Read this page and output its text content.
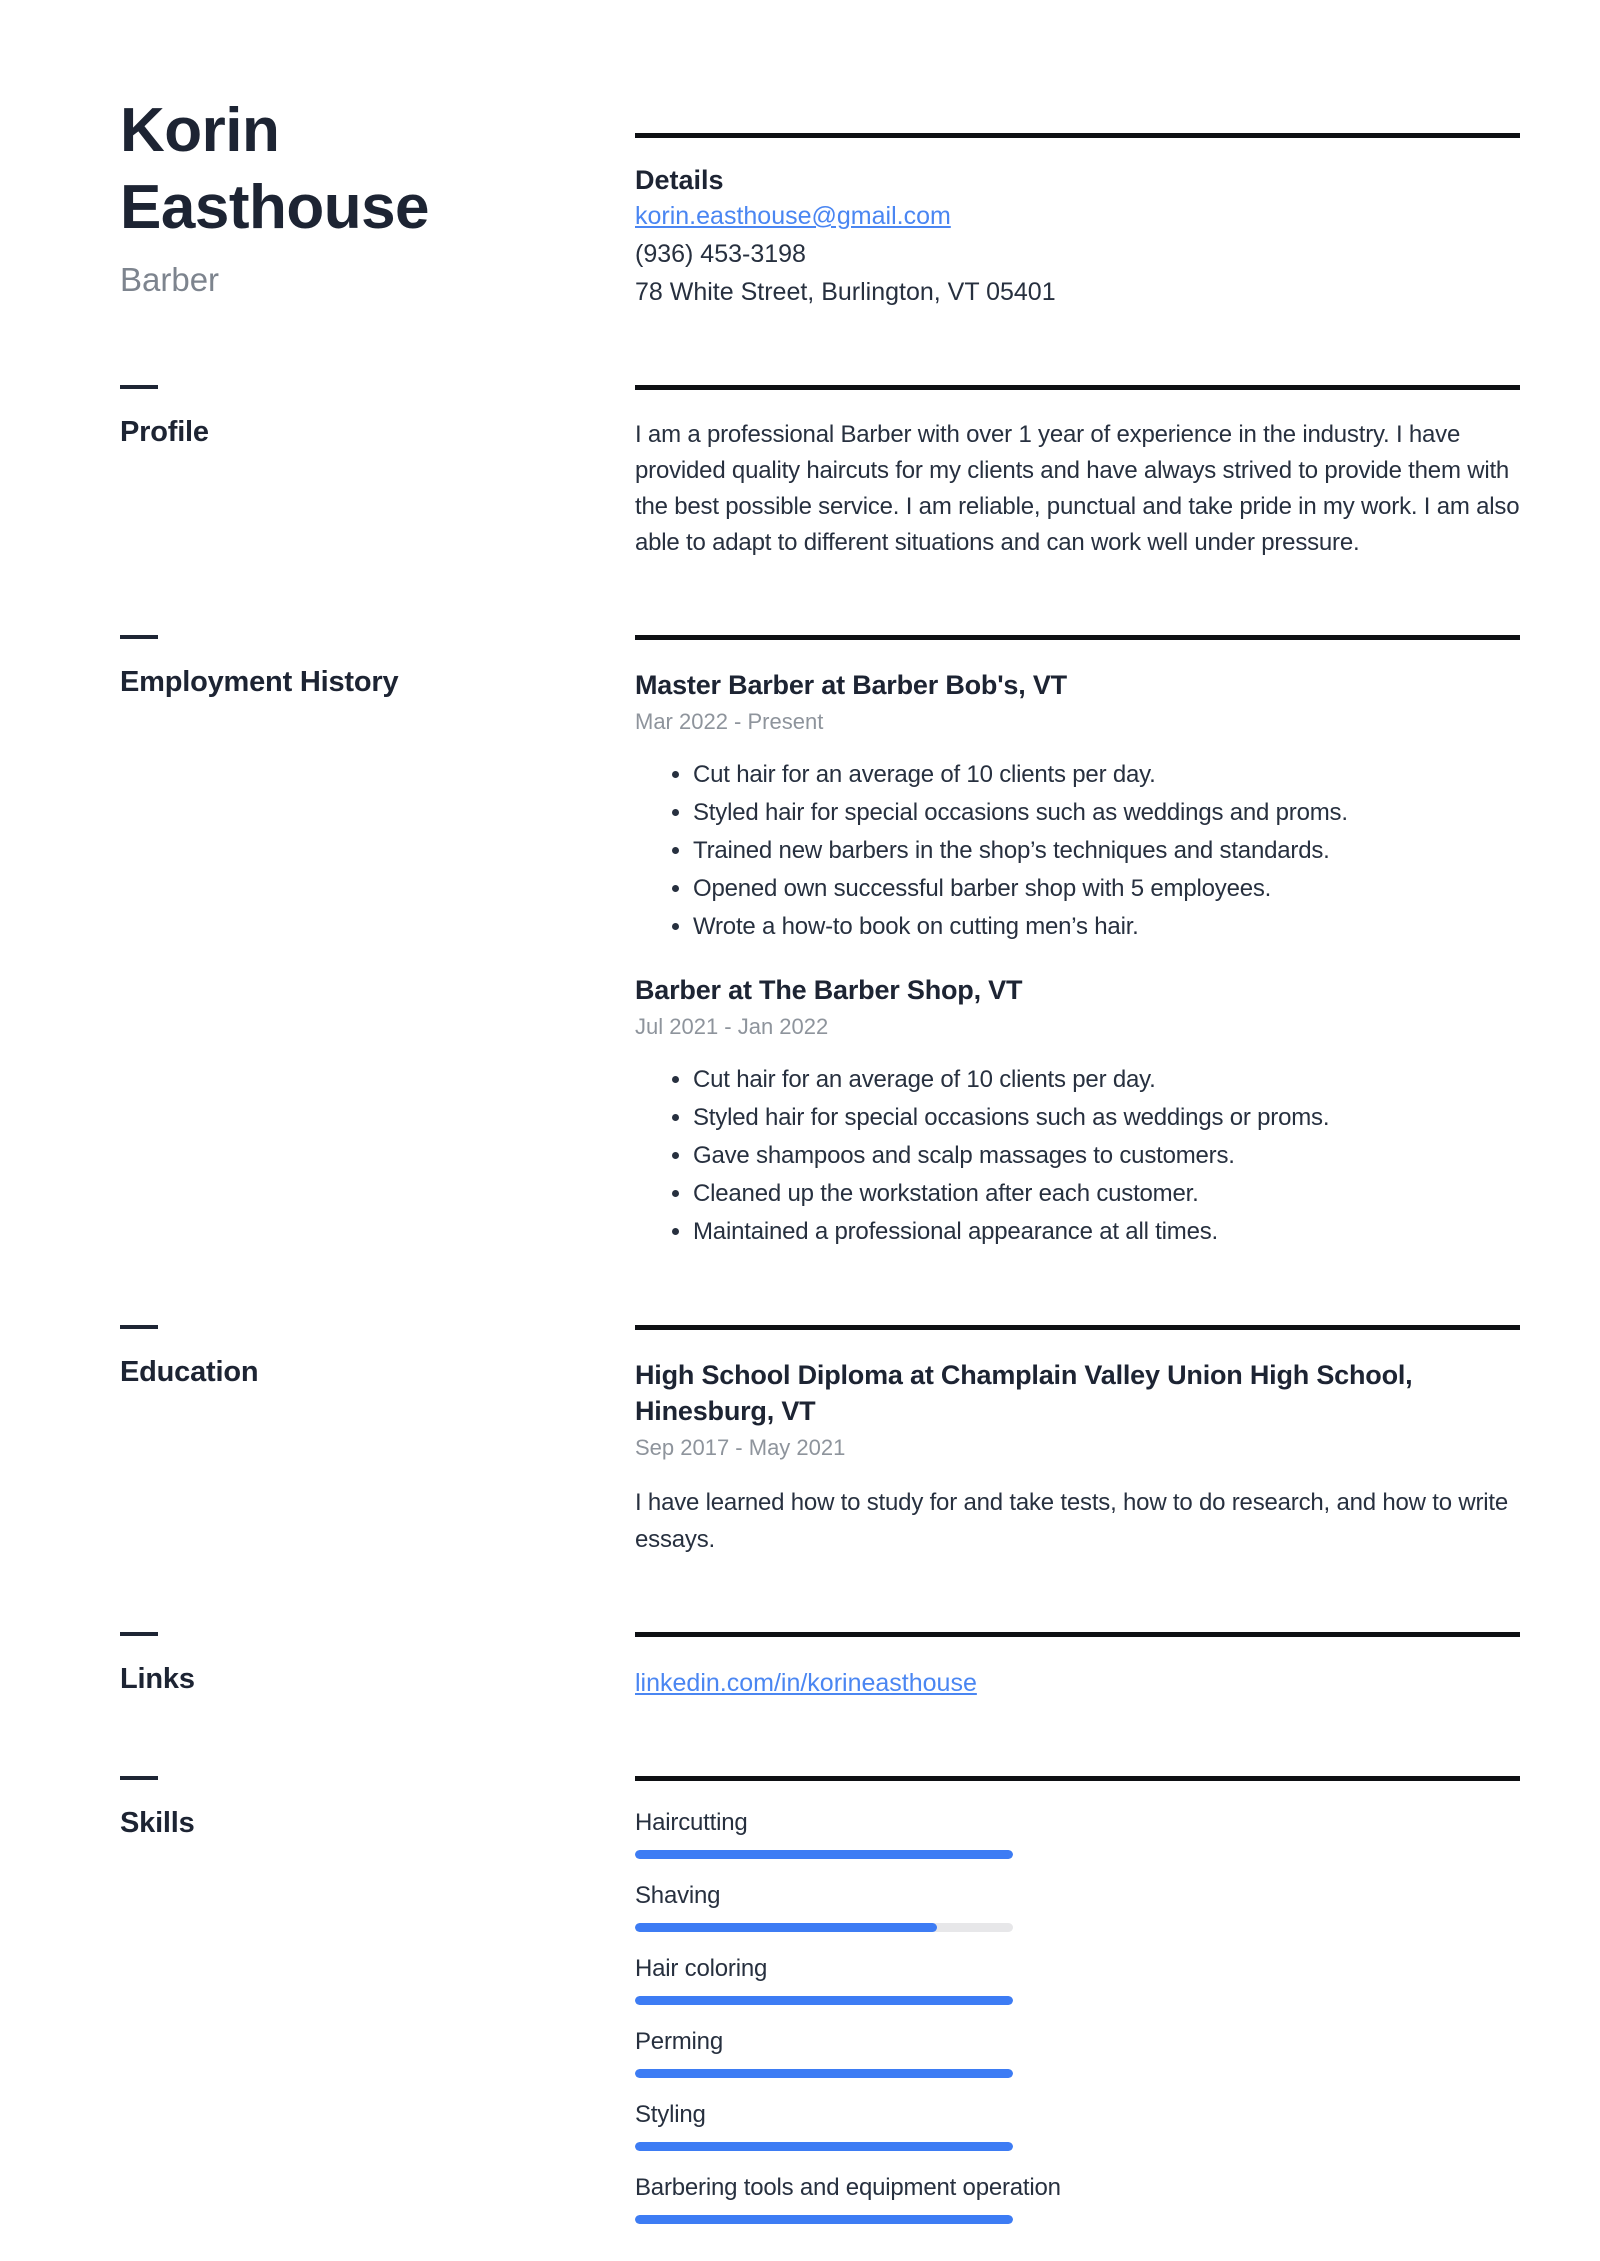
Korin Easthouse
Barber
Details
korin.easthouse@gmail.com
(936) 453-3198
78 White Street, Burlington, VT 05401
Profile	I am a professional Barber with over 1 year of experience in the industry. I have provided quality haircuts for my clients and have always strived to provide them with the best possible service. I am reliable, punctual and take pride in my work. I am also able to adapt to different situations and can work well under pressure.
Employment History	Master Barber at Barber Bob's, VT
Mar 2022 - Present
• Cut hair for an average of 10 clients per day.
• Styled hair for special occasions such as weddings and proms.
• Trained new barbers in the shop’s techniques and standards.
• Opened own successful barber shop with 5 employees.
• Wrote a how-to book on cutting men’s hair.
Barber at The Barber Shop, VT
Jul 2021 - Jan 2022
• Cut hair for an average of 10 clients per day.
• Styled hair for special occasions such as weddings or proms.
• Gave shampoos and scalp massages to customers.
• Cleaned up the workstation after each customer.
• Maintained a professional appearance at all times.
Education	High School Diploma at Champlain Valley Union High School, Hinesburg, VT
Sep 2017 - May 2021
I have learned how to study for and take tests, how to do research, and how to write essays.
Links	linkedin.com/in/korineasthouse
Skills	Haircutting
Shaving
Hair coloring
Perming
Styling
Barbering tools and equipment operation
